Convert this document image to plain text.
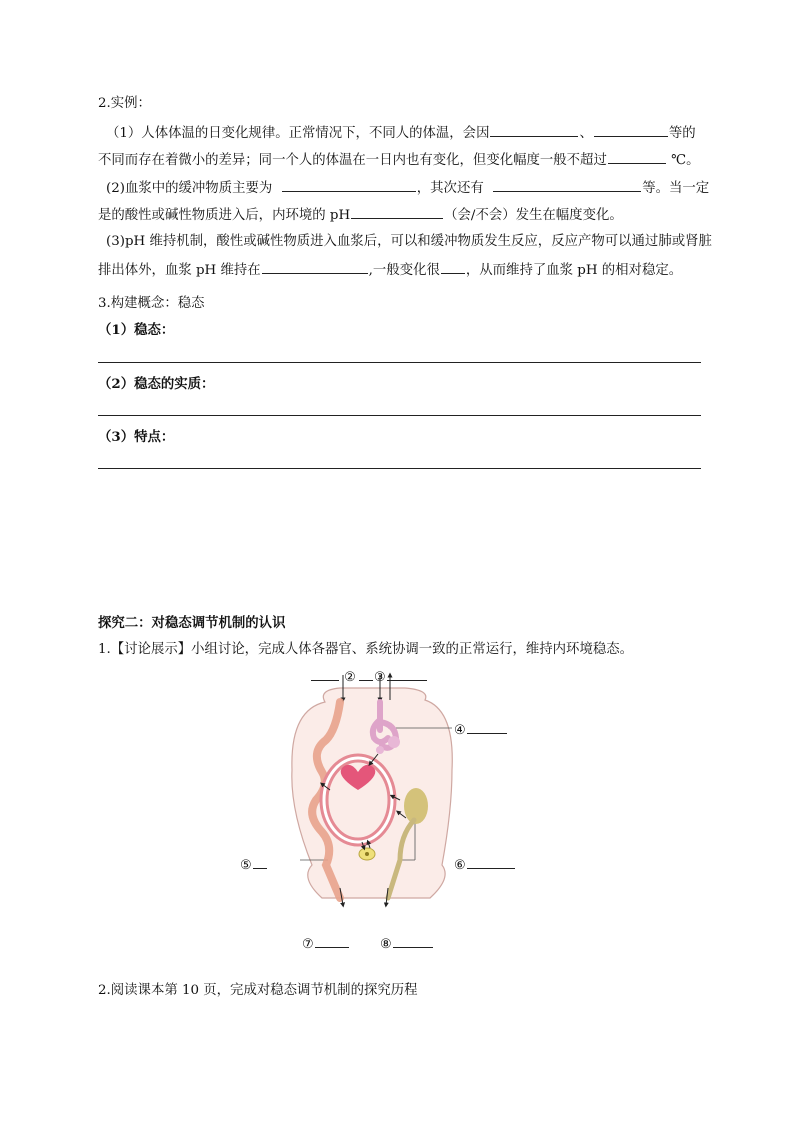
2.实例：
（1）人体体温的日变化规律。正常情况下，不同人的体温，会因	、	等的
不同而存在着微小的差异；同一个人的体温在一日内也有变化，但变化幅度一般不超过	℃。
(2)血浆中的缓冲物质主要为	，其次还有	等。当一定
是的酸性或碱性物质进入后，内环境的 pH	（会/不会）发生在幅度变化。
(3)pH 维持机制，酸性或碱性物质进入血浆后，可以和缓冲物质发生反应，反应产物可以通过肺或肾脏
排出体外，血浆 pH 维持在	,一般变化很 ，从而维持了血浆 pH 的相对稳定。
3.构建概念：稳态
（1）稳态：
（2）稳态的实质：
（3）特点：
探究二：对稳态调节机制的认识
1.【讨论展示】小组讨论，完成人体各器官、系统协调一致的正常运行，维持内环境稳态。
②	③
④
⑤	⑥
⑦	⑧
2.阅读课本第 10 页，完成对稳态调节机制的探究历程
